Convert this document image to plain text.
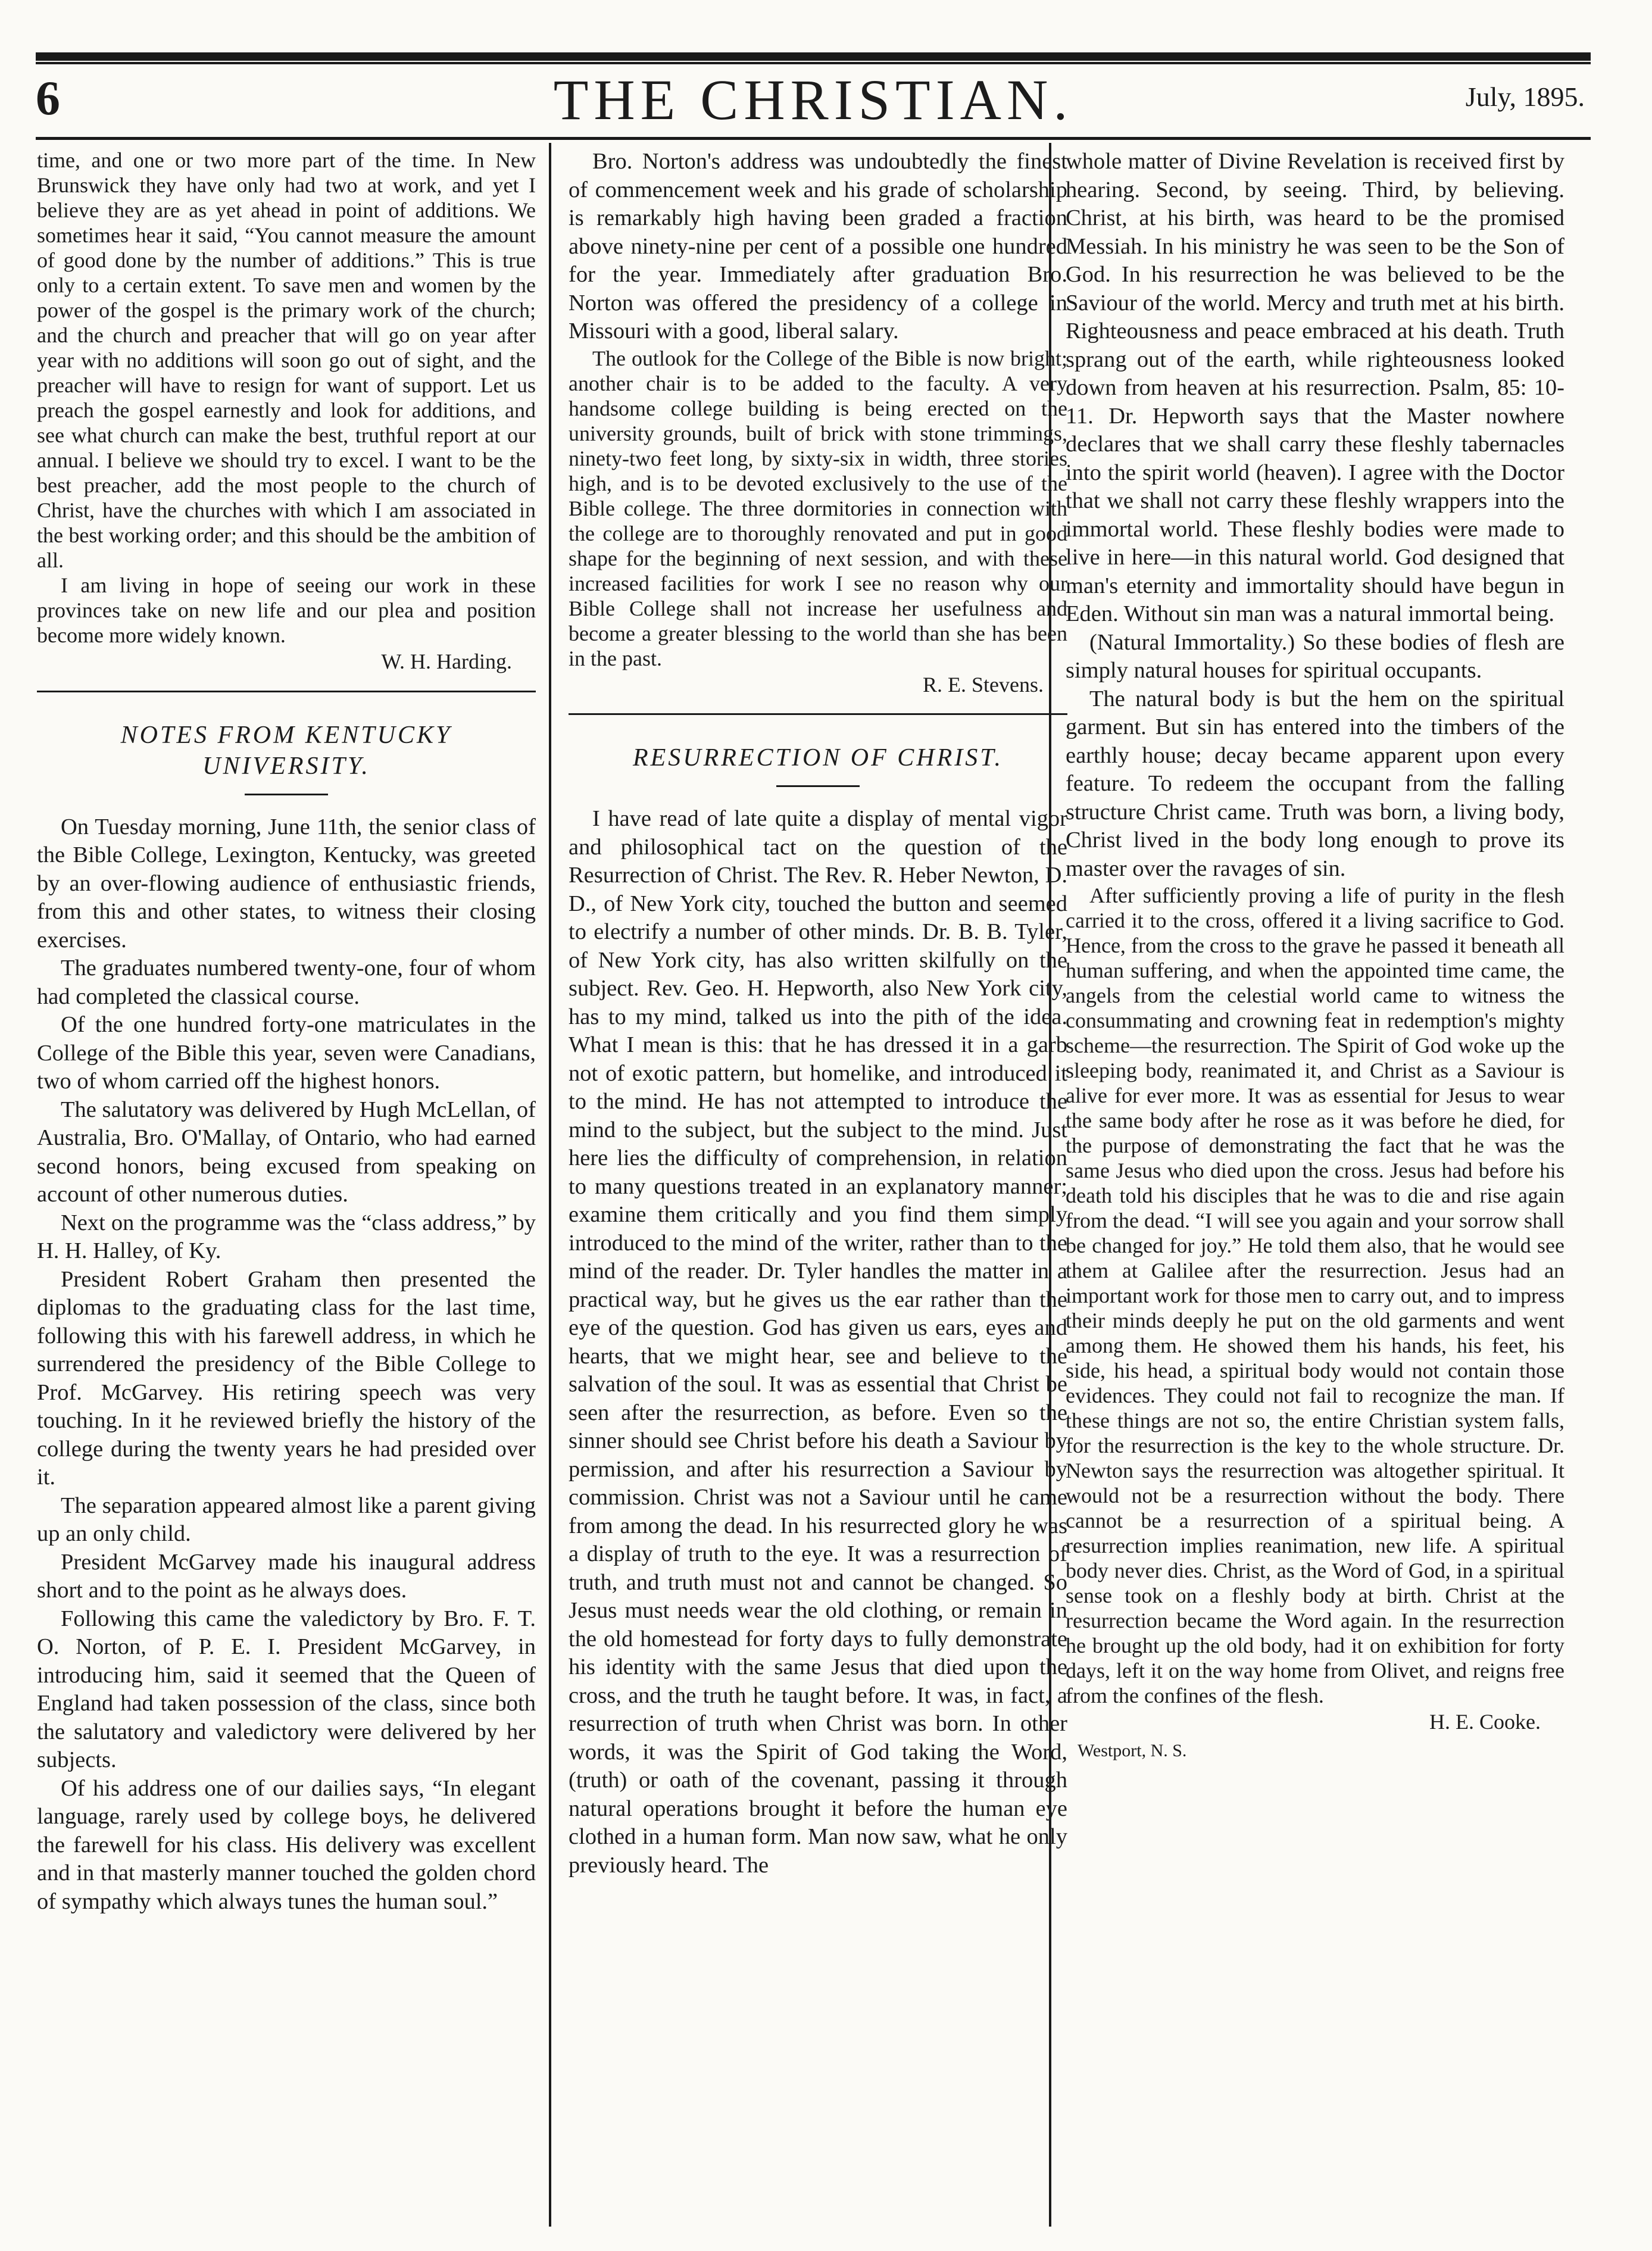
6	THE CHRISTIAN.	July, 1895.

time, and one or two more part of the time. In New Brunswick they have only had two at work, and yet I believe they are as yet ahead in point of additions. We sometimes hear it said, “You cannot measure the amount of good done by the number of additions.” This is true only to a certain extent. To save men and women by the power of the gospel is the primary work of the church; and the church and preacher that will go on year after year with no additions will soon go out of sight, and the preacher will have to resign for want of support. Let us preach the gospel earnestly and look for additions, and see what church can make the best, truthful report at our annual. I believe we should try to excel. I want to be the best preacher, add the most people to the church of Christ, have the churches with which I am associated in the best working order; and this should be the ambition of all.

I am living in hope of seeing our work in these provinces take on new life and our plea and position become more widely known.

W. H. Harding.

NOTES FROM KENTUCKY

UNIVERSITY.

On Tuesday morning, June 11th, the senior class of the Bible College, Lexington, Kentucky, was greeted by an over-flowing audience of enthusiastic friends, from this and other states, to witness their closing exercises.

The graduates numbered twenty-one, four of whom had completed the classical course.

Of the one hundred forty-one matriculates in the College of the Bible this year, seven were Canadians, two of whom carried off the highest honors.

The salutatory was delivered by Hugh McLellan, of Australia, Bro. O'Mallay, of Ontario, who had earned second honors, being excused from speaking on account of other numerous duties.

Next on the programme was the “class address,” by H. H. Halley, of Ky.

President Robert Graham then presented the diplomas to the graduating class for the last time, following this with his farewell address, in which he surrendered the presidency of the Bible College to Prof. McGarvey. His retiring speech was very touching. In it he reviewed briefly the history of the college during the twenty years he had presided over it.

The separation appeared almost like a parent giving up an only child.

President McGarvey made his inaugural address short and to the point as he always does.

Following this came the valedictory by Bro. F. T. O. Norton, of P. E. I. President McGarvey, in introducing him, said it seemed that the Queen of England had taken possession of the class, since both the salutatory and valedictory were delivered by her subjects.

Of his address one of our dailies says, “In elegant language, rarely used by college boys, he delivered the farewell for his class. His delivery was excellent and in that masterly manner touched the golden chord of sympathy which always tunes the human soul.”

Bro. Norton's address was undoubtedly the finest of commencement week and his grade of scholarship is remarkably high having been graded a fraction above ninety-nine per cent of a possible one hundred for the year. Immediately after graduation Bro. Norton was offered the presidency of a college in Missouri with a good, liberal salary.

The outlook for the College of the Bible is now bright; another chair is to be added to the faculty. A very handsome college building is being erected on the university grounds, built of brick with stone trimmings, ninety-two feet long, by sixty-six in width, three stories high, and is to be devoted exclusively to the use of the Bible college. The three dormitories in connection with the college are to thoroughly renovated and put in good shape for the beginning of next session, and with these increased facilities for work I see no reason why our Bible College shall not increase her usefulness and become a greater blessing to the world than she has been in the past.

R. E. Stevens.

RESURRECTION OF CHRIST.

I have read of late quite a display of mental vigor and philosophical tact on the question of the Resurrection of Christ. The Rev. R. Heber Newton, D. D., of New York city, touched the button and seemed to electrify a number of other minds. Dr. B. B. Tyler, of New York city, has also written skilfully on the subject. Rev. Geo. H. Hepworth, also New York city, has to my mind, talked us into the pith of the idea. What I mean is this: that he has dressed it in a garb not of exotic pattern, but homelike, and introduced it to the mind. He has not attempted to introduce the mind to the subject, but the subject to the mind. Just here lies the difficulty of comprehension, in relation to many questions treated in an explanatory manner; examine them critically and you find them simply introduced to the mind of the writer, rather than to the mind of the reader. Dr. Tyler handles the matter in a practical way, but he gives us the ear rather than the eye of the question. God has given us ears, eyes and hearts, that we might hear, see and believe to the salvation of the soul. It was as essential that Christ be seen after the resurrection, as before. Even so the sinner should see Christ before his death a Saviour by permission, and after his resurrection a Saviour by commission. Christ was not a Saviour until he came from among the dead. In his resurrected glory he was a display of truth to the eye. It was a resurrection of truth, and truth must not and cannot be changed. So Jesus must needs wear the old clothing, or remain in the old homestead for forty days to fully demonstrate his identity with the same Jesus that died upon the cross, and the truth he taught before. It was, in fact, a resurrection of truth when Christ was born. In other words, it was the Spirit of God taking the Word, (truth) or oath of the covenant, passing it through natural operations brought it before the human eye clothed in a human form. Man now saw, what he only previously heard. The

whole matter of Divine Revelation is received first by hearing. Second, by seeing. Third, by believing. Christ, at his birth, was heard to be the promised Messiah. In his ministry he was seen to be the Son of God. In his resurrection he was believed to be the Saviour of the world. Mercy and truth met at his birth. Righteousness and peace embraced at his death. Truth sprang out of the earth, while righteousness looked down from heaven at his resurrection. Psalm, 85: 10-11. Dr. Hepworth says that the Master nowhere declares that we shall carry these fleshly tabernacles into the spirit world (heaven). I agree with the Doctor that we shall not carry these fleshly wrappers into the immortal world. These fleshly bodies were made to live in here—in this natural world. God designed that man's eternity and immortality should have begun in Eden. Without sin man was a natural immortal being.

(Natural Immortality.) So these bodies of flesh are simply natural houses for spiritual occupants.

The natural body is but the hem on the spiritual garment. But sin has entered into the timbers of the earthly house; decay became apparent upon every feature. To redeem the occupant from the falling structure Christ came. Truth was born, a living body, Christ lived in the body long enough to prove its master over the ravages of sin.

After sufficiently proving a life of purity in the flesh carried it to the cross, offered it a living sacrifice to God. Hence, from the cross to the grave he passed it beneath all human suffering, and when the appointed time came, the angels from the celestial world came to witness the consummating and crowning feat in redemption's mighty scheme—the resurrection. The Spirit of God woke up the sleeping body, reanimated it, and Christ as a Saviour is alive for ever more. It was as essential for Jesus to wear the same body after he rose as it was before he died, for the purpose of demonstrating the fact that he was the same Jesus who died upon the cross. Jesus had before his death told his disciples that he was to die and rise again from the dead. “I will see you again and your sorrow shall be changed for joy.” He told them also, that he would see them at Galilee after the resurrection. Jesus had an important work for those men to carry out, and to impress their minds deeply he put on the old garments and went among them. He showed them his hands, his feet, his side, his head, a spiritual body would not contain those evidences. They could not fail to recognize the man. If these things are not so, the entire Christian system falls, for the resurrection is the key to the whole structure. Dr. Newton says the resurrection was altogether spiritual. It would not be a resurrection without the body. There cannot be a resurrection of a spiritual being. A resurrection implies reanimation, new life. A spiritual body never dies. Christ, as the Word of God, in a spiritual sense took on a fleshly body at birth. Christ at the resurrection became the Word again. In the resurrection he brought up the old body, had it on exhibition for forty days, left it on the way home from Olivet, and reigns free from the confines of the flesh.

H. E. Cooke.

Westport, N. S.
